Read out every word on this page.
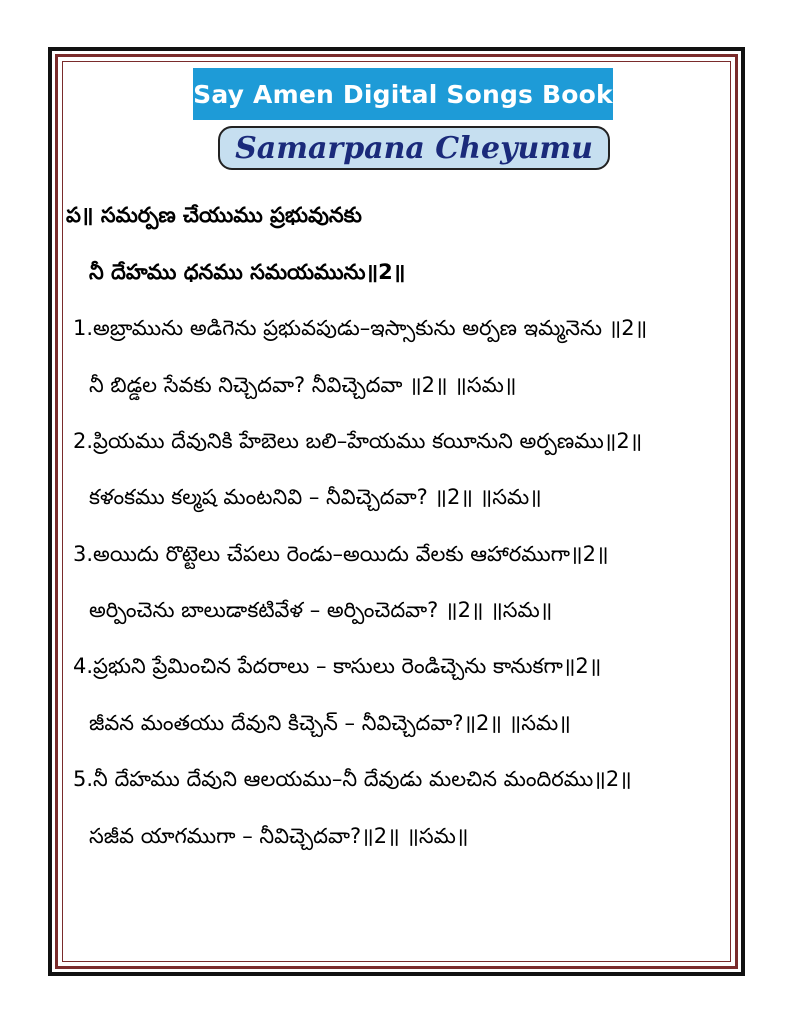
Say Amen Digital Songs Book
Samarpana Cheyumu
ప॥ సమర్పణ చేయుము ప్రభువునకు
నీ దేహము ధనము సమయమును॥2॥
1.అబ్రామును అడిగెను ప్రభువపుడు–ఇస్సాకును అర్పణ ఇమ్మనెను ॥2॥
నీ బిడ్డల సేవకు నిచ్చెదవా? నీవిచ్చెదవా ॥2॥ ॥సమ॥
2.ప్రియము దేవునికి హేబెలు బలి–హేయము కయీనుని అర్పణము॥2॥
కళంకము కల్మష మంటనివి – నీవిచ్చెదవా? ॥2॥ ॥సమ॥
3.అయిదు రొట్టెలు చేపలు రెండు–అయిదు వేలకు ఆహారముగా॥2॥
అర్పించెను బాలుడాకటివేళ – అర్పించెదవా? ॥2॥ ॥సమ॥
4.ప్రభుని ప్రేమించిన పేదరాలు – కాసులు రెండిచ్చెను కానుకగా॥2॥
జీవన మంతయు దేవుని కిచ్చెన్ – నీవిచ్చెదవా?॥2॥ ॥సమ॥
5.నీ దేహము దేవుని ఆలయము–నీ దేవుడు మలచిన మందిరము॥2॥
సజీవ యాగముగా – నీవిచ్చెదవా?॥2॥ ॥సమ॥
